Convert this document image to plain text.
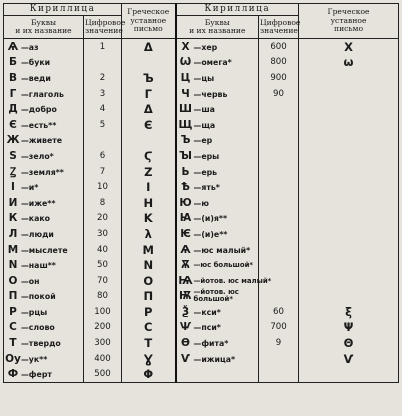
Кириллица		Греческое
уставное
письмо	Кириллица		Греческое
уставное
письмо
Буквы
и их название	Цифровое
значение		Буквы
и их название	Цифровое
значение	
Ѧ —аз	1	Δ	Х —хер	600	Χ
Б —буки			Ѡ —омега*	800	ω
В —веди	2	Ъ	Ц —цы	900	
Г —глаголь	3	Γ	Ч —червь	90	
Д —добро	4	Δ	Ш —ша		
Є —есть**	5	Є	Щ—ща		
Ж —живете			Ъ —ер		
Ѕ —зело*	6	Ϛ	Ꙑ —еры		
Ꙁ —земля**	7	Ζ	Ь —ерь		
І —и*	10	Ι	Ѣ —ять*		
И —иже**	8	Η	Ю —ю		
К —како	20	Κ	Ꙗ —(и)я**		
Л —люди	30	λ	Ѥ —(и)е**		
М —мыслете	40	Μ	Ѧ —юс малый*		
N —наш**	50	Ν	Ѫ —юс большой*		
О —он	70	Ο	Ѩ—йотов. юс малый*		
П —покой	80	Π	Ѭ —йотов. юс большой*		
Р —рцы	100	Ρ	Ѯ —кси*	60	ξ
С —слово	200	С	Ѱ —пси*	700	Ψ
Т —твердо	300	Τ	Ѳ —фита*	9	Θ
Оу—ук**	400	Ɣ	Ѵ —ижица*		Ѵ
Ф —ферт	500	Φ			
